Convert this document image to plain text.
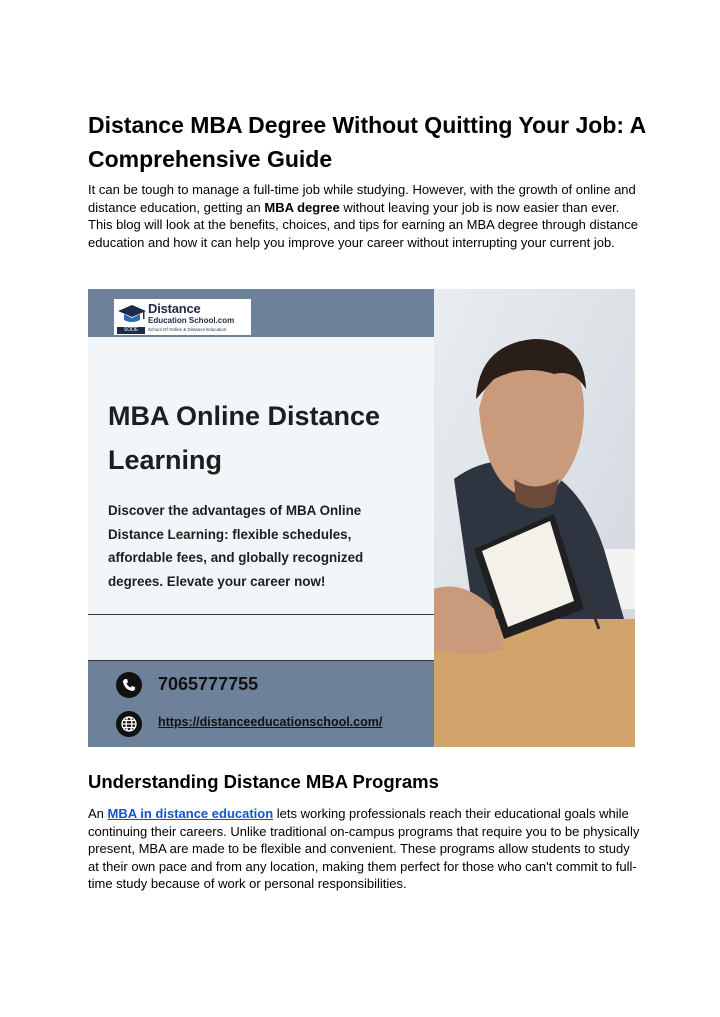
Distance MBA Degree Without Quitting Your Job: A Comprehensive Guide
It can be tough to manage a full-time job while studying. However, with the growth of online and distance education, getting an MBA degree without leaving your job is now easier than ever. This blog will look at the benefits, choices, and tips for earning an MBA degree through distance education and how it can help you improve your career without interrupting your current job.
Distance
Education School.com
SODE	School Of Online & Distance Education
MBA Online Distance Learning
Discover the advantages of MBA Online Distance Learning: flexible schedules, affordable fees, and globally recognized degrees. Elevate your career now!
7065777755
https://distanceeducationschool.com/
Understanding Distance MBA Programs
An MBA in distance education lets working professionals reach their educational goals while continuing their careers. Unlike traditional on-campus programs that require you to be physically present, MBA are made to be flexible and convenient. These programs allow students to study at their own pace and from any location, making them perfect for those who can't commit to full-time study because of work or personal responsibilities.
